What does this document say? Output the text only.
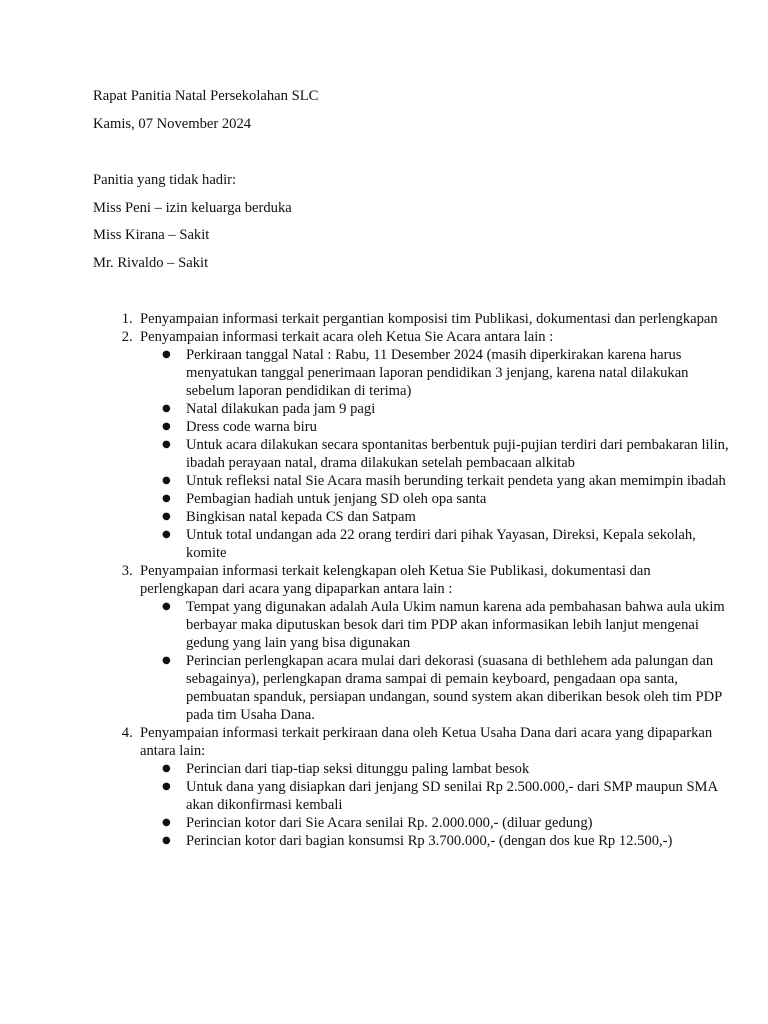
Rapat Panitia Natal Persekolahan SLC
Kamis, 07 November 2024
Panitia yang tidak hadir:
Miss Peni – izin keluarga berduka
Miss Kirana – Sakit
Mr. Rivaldo – Sakit
1. Penyampaian informasi terkait pergantian komposisi tim Publikasi, dokumentasi dan perlengkapan
2. Penyampaian informasi terkait acara oleh Ketua Sie Acara antara lain :
● Perkiraan tanggal Natal : Rabu, 11 Desember 2024 (masih diperkirakan karena harus menyatukan tanggal penerimaan laporan pendidikan 3 jenjang, karena natal dilakukan sebelum laporan pendidikan di terima)
● Natal dilakukan pada jam 9 pagi
● Dress code warna biru
● Untuk acara dilakukan secara spontanitas berbentuk puji-pujian terdiri dari pembakaran lilin, ibadah perayaan natal, drama dilakukan setelah pembacaan alkitab
● Untuk refleksi natal Sie Acara masih berunding terkait pendeta yang akan memimpin ibadah
● Pembagian hadiah untuk jenjang SD oleh opa santa
● Bingkisan natal kepada CS dan Satpam
● Untuk total undangan ada 22 orang terdiri dari pihak Yayasan, Direksi, Kepala sekolah, komite
3. Penyampaian informasi terkait kelengkapan oleh Ketua Sie Publikasi, dokumentasi dan perlengkapan dari acara yang dipaparkan antara lain :
● Tempat yang digunakan adalah Aula Ukim namun karena ada pembahasan bahwa aula ukim berbayar maka diputuskan besok dari tim PDP akan informasikan lebih lanjut mengenai gedung yang lain yang bisa digunakan
● Perincian perlengkapan acara mulai dari dekorasi (suasana di bethlehem ada palungan dan sebagainya), perlengkapan drama sampai di pemain keyboard, pengadaan opa santa, pembuatan spanduk, persiapan undangan, sound system akan diberikan besok oleh tim PDP pada tim Usaha Dana.
4. Penyampaian informasi terkait perkiraan dana oleh Ketua Usaha Dana dari acara yang dipaparkan antara lain:
● Perincian dari tiap-tiap seksi ditunggu paling lambat besok
● Untuk dana yang disiapkan dari jenjang SD senilai Rp 2.500.000,- dari SMP maupun SMA akan dikonfirmasi kembali
● Perincian kotor dari Sie Acara senilai Rp. 2.000.000,- (diluar gedung)
● Perincian kotor dari bagian konsumsi Rp 3.700.000,- (dengan dos kue Rp 12.500,-)
